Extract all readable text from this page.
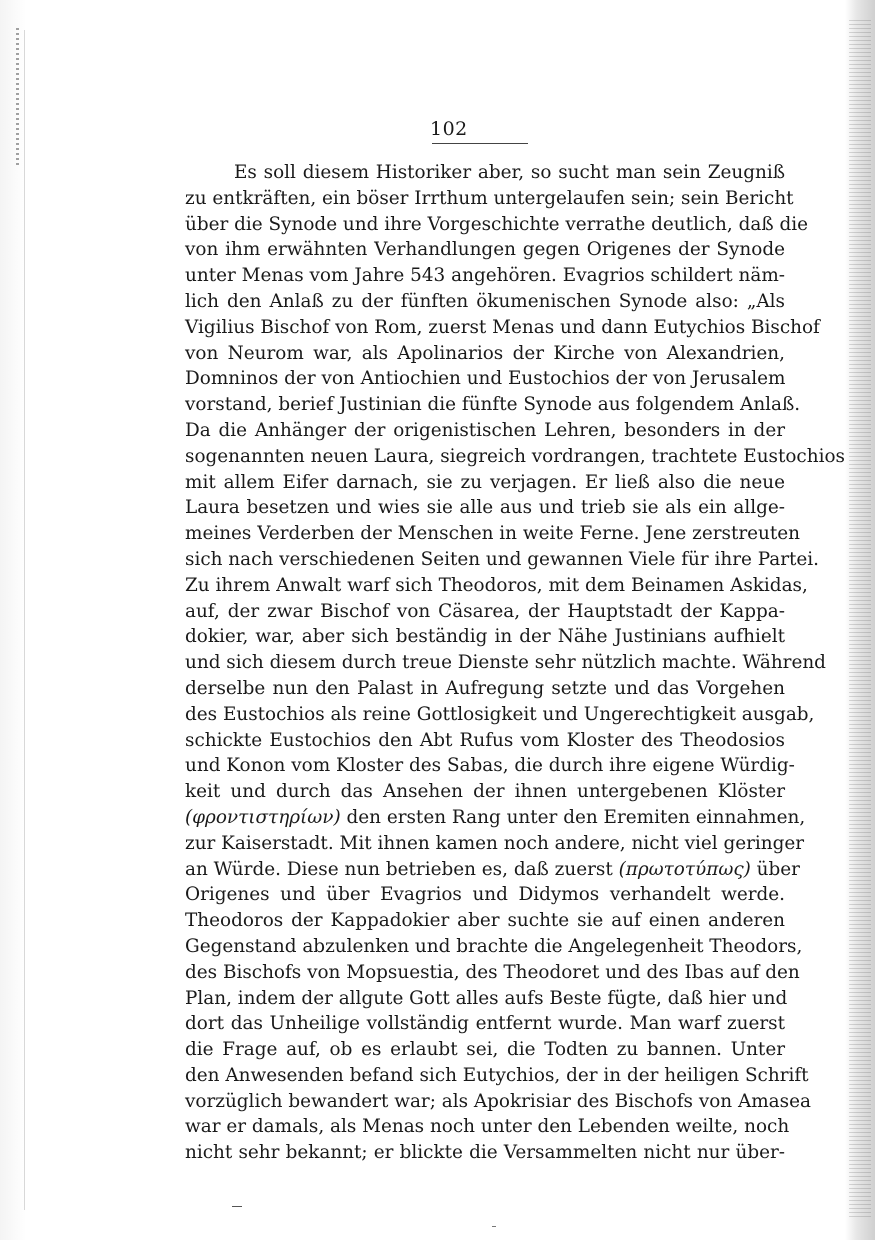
102
Es soll diesem Historiker aber, so sucht man sein Zeugniß
zu entkräften, ein böser Irrthum untergelaufen sein; sein Bericht
über die Synode und ihre Vorgeschichte verrathe deutlich, daß die
von ihm erwähnten Verhandlungen gegen Origenes der Synode
unter Menas vom Jahre 543 angehören. Evagrios schildert näm-
lich den Anlaß zu der fünften ökumenischen Synode also: „Als
Vigilius Bischof von Rom, zuerst Menas und dann Eutychios Bischof
von Neurom war, als Apolinarios der Kirche von Alexandrien,
Domninos der von Antiochien und Eustochios der von Jerusalem
vorstand, berief Justinian die fünfte Synode aus folgendem Anlaß.
Da die Anhänger der origenistischen Lehren, besonders in der
sogenannten neuen Laura, siegreich vordrangen, trachtete Eustochios
mit allem Eifer darnach, sie zu verjagen. Er ließ also die neue
Laura besetzen und wies sie alle aus und trieb sie als ein allge-
meines Verderben der Menschen in weite Ferne. Jene zerstreuten
sich nach verschiedenen Seiten und gewannen Viele für ihre Partei.
Zu ihrem Anwalt warf sich Theodoros, mit dem Beinamen Askidas,
auf, der zwar Bischof von Cäsarea, der Hauptstadt der Kappa-
dokier, war, aber sich beständig in der Nähe Justinians aufhielt
und sich diesem durch treue Dienste sehr nützlich machte. Während
derselbe nun den Palast in Aufregung setzte und das Vorgehen
des Eustochios als reine Gottlosigkeit und Ungerechtigkeit ausgab,
schickte Eustochios den Abt Rufus vom Kloster des Theodosios
und Konon vom Kloster des Sabas, die durch ihre eigene Würdig-
keit und durch das Ansehen der ihnen untergebenen Klöster
(φροντιστηρίων) den ersten Rang unter den Eremiten einnahmen,
zur Kaiserstadt. Mit ihnen kamen noch andere, nicht viel geringer
an Würde. Diese nun betrieben es, daß zuerst (πρωτοτύπως) über
Origenes und über Evagrios und Didymos verhandelt werde.
Theodoros der Kappadokier aber suchte sie auf einen anderen
Gegenstand abzulenken und brachte die Angelegenheit Theodors,
des Bischofs von Mopsuestia, des Theodoret und des Ibas auf den
Plan, indem der allgute Gott alles aufs Beste fügte, daß hier und
dort das Unheilige vollständig entfernt wurde. Man warf zuerst
die Frage auf, ob es erlaubt sei, die Todten zu bannen. Unter
den Anwesenden befand sich Eutychios, der in der heiligen Schrift
vorzüglich bewandert war; als Apokrisiar des Bischofs von Amasea
war er damals, als Menas noch unter den Lebenden weilte, noch
nicht sehr bekannt; er blickte die Versammelten nicht nur über-
